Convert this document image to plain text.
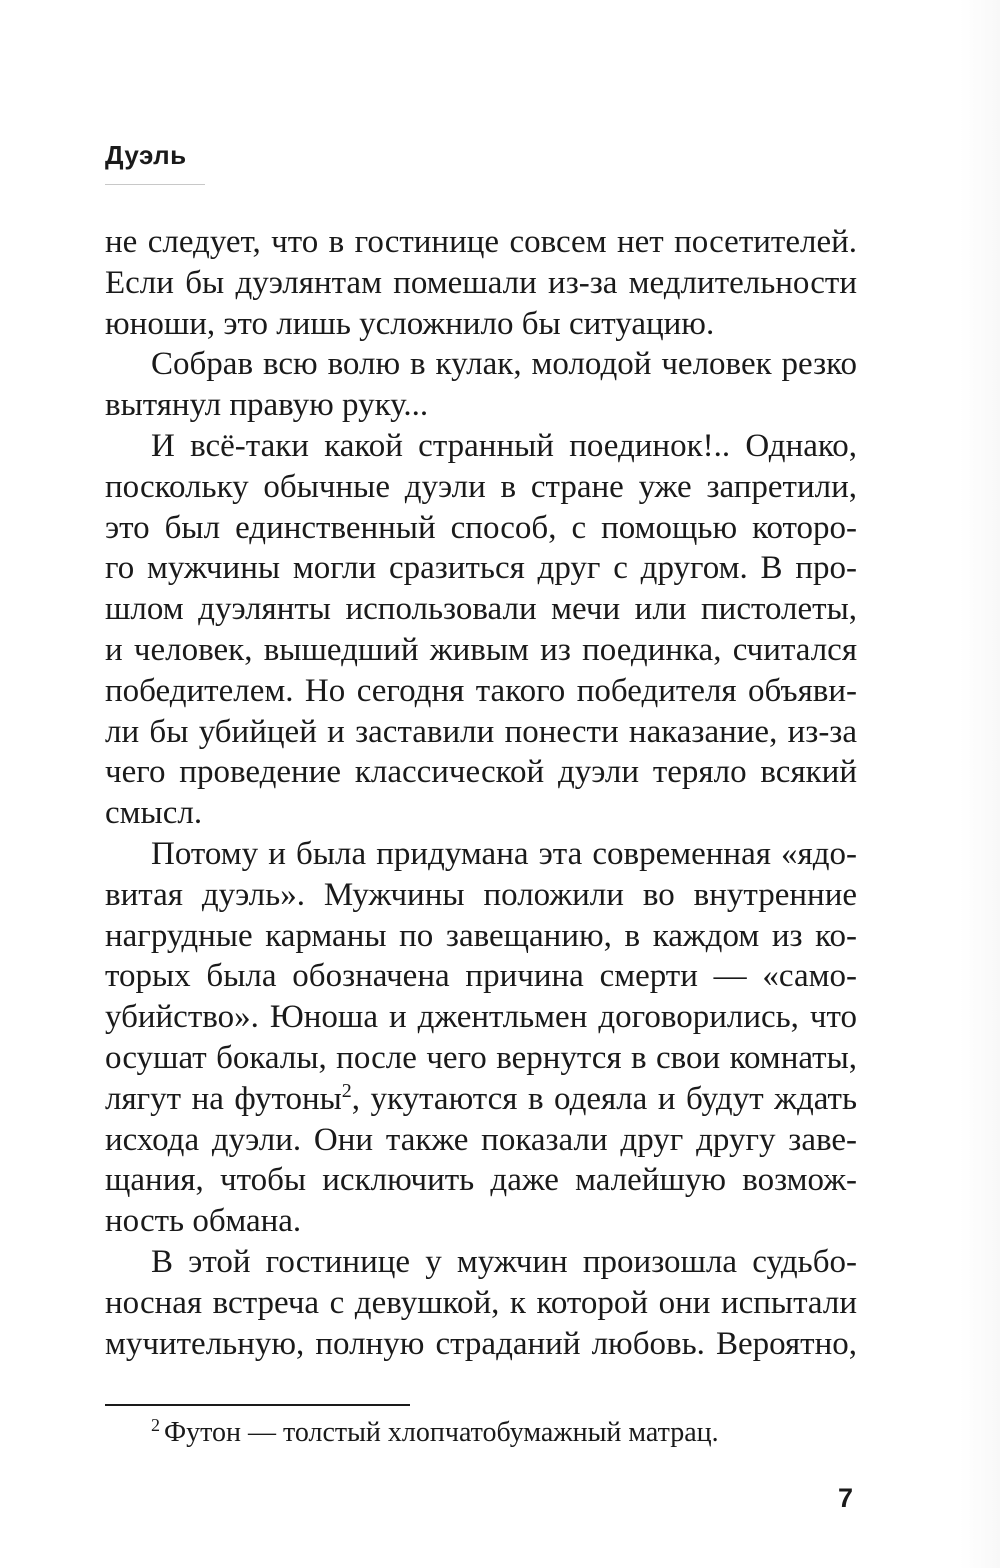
Дуэль
не следует, что в гостинице совсем нет посетителей.
Если бы дуэлянтам помешали из-за медлительности
юноши, это лишь усложнило бы ситуацию.
Собрав всю волю в кулак, молодой человек резко
вытянул правую руку...
И всё-таки какой странный поединок!.. Однако,
поскольку обычные дуэли в стране уже запретили,
это был единственный способ, с помощью которо-
го мужчины могли сразиться друг с другом. В про-
шлом дуэлянты использовали мечи или пистолеты,
и человек, вышедший живым из поединка, считался
победителем. Но сегодня такого победителя объяви-
ли бы убийцей и заставили понести наказание, из-за
чего проведение классической дуэли теряло всякий
смысл.
Потому и была придумана эта современная «ядо-
витая дуэль». Мужчины положили во внутренние
нагрудные карманы по завещанию, в каждом из ко-
торых была обозначена причина смерти — «само-
убийство». Юноша и джентльмен договорились, что
осушат бокалы, после чего вернутся в свои комнаты,
лягут на футоны$^2$, укутаются в одеяла и будут ждать
исхода дуэли. Они также показали друг другу заве-
щания, чтобы исключить даже малейшую возмож-
ность обмана.
В этой гостинице у мужчин произошла судьбо-
носная встреча с девушкой, к которой они испытали
мучительную, полную страданий любовь. Вероятно,
$^2$ Футон — толстый хлопчатобумажный матрац.
7
